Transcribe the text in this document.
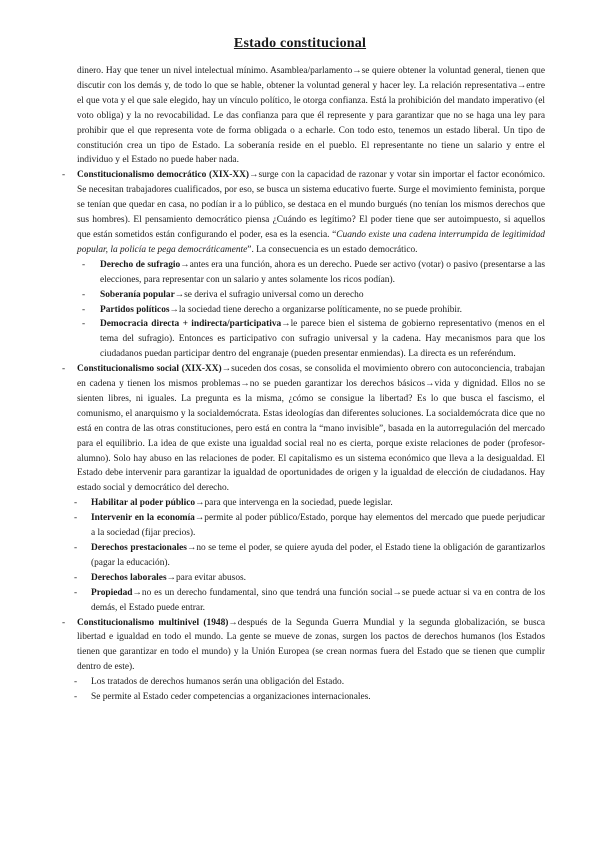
Estado constitucional

dinero. Hay que tener un nivel intelectual mínimo. Asamblea/parlamento→se quiere obtener la voluntad general, tienen que discutir con los demás y, de todo lo que se hable, obtener la voluntad general y hacer ley. La relación representativa→entre el que vota y el que sale elegido, hay un vínculo político, le otorga confianza. Está la prohibición del mandato imperativo (el voto obliga) y la no revocabilidad. Le das confianza para que él represente y para garantizar que no se haga una ley para prohibir que el que representa vote de forma obligada o a echarle. Con todo esto, tenemos un estado liberal. Un tipo de constitución crea un tipo de Estado. La soberanía reside en el pueblo. El representante no tiene un salario y entre el individuo y el Estado no puede haber nada.

- Constitucionalismo democrático (XIX-XX)→surge con la capacidad de razonar y votar sin importar el factor económico. Se necesitan trabajadores cualificados, por eso, se busca un sistema educativo fuerte. Surge el movimiento feminista, porque se tenían que quedar en casa, no podían ir a lo público, se destaca en el mundo burgués (no tenían los mismos derechos que sus hombres). El pensamiento democrático piensa ¿Cuándo es legítimo? El poder tiene que ser autoimpuesto, si aquellos que están sometidos están configurando el poder, esa es la esencia. “Cuando existe una cadena interrumpida de legitimidad popular, la policía te pega democráticamente”. La consecuencia es un estado democrático.

- Derecho de sufragio→antes era una función, ahora es un derecho. Puede ser activo (votar) o pasivo (presentarse a las elecciones, para representar con un salario y antes solamente los ricos podían).

- Soberanía popular→se deriva el sufragio universal como un derecho

- Partidos políticos→la sociedad tiene derecho a organizarse políticamente, no se puede prohibir.

- Democracia directa + indirecta/participativa→le parece bien el sistema de gobierno representativo (menos en el tema del sufragio). Entonces es participativo con sufragio universal y la cadena. Hay mecanismos para que los ciudadanos puedan participar dentro del engranaje (pueden presentar enmiendas). La directa es un referéndum.

- Constitucionalismo social (XIX-XX)→suceden dos cosas, se consolida el movimiento obrero con autoconciencia, trabajan en cadena y tienen los mismos problemas→no se pueden garantizar los derechos básicos→vida y dignidad. Ellos no se sienten libres, ni iguales. La pregunta es la misma, ¿cómo se consigue la libertad? Es lo que busca el fascismo, el comunismo, el anarquismo y la socialdemócrata. Estas ideologías dan diferentes soluciones. La socialdemócrata dice que no está en contra de las otras constituciones, pero está en contra la “mano invisible”, basada en la autorregulación del mercado para el equilibrio. La idea de que existe una igualdad social real no es cierta, porque existe relaciones de poder (profesor-alumno). Solo hay abuso en las relaciones de poder. El capitalismo es un sistema económico que lleva a la desigualdad. El Estado debe intervenir para garantizar la igualdad de oportunidades de origen y la igualdad de elección de ciudadanos. Hay estado social y democrático del derecho.

- Habilitar al poder público→para que intervenga en la sociedad, puede legislar.

- Intervenir en la economía→permite al poder público/Estado, porque hay elementos del mercado que puede perjudicar a la sociedad (fijar precios).

- Derechos prestacionales→no se teme el poder, se quiere ayuda del poder, el Estado tiene la obligación de garantizarlos (pagar la educación).

- Derechos laborales→para evitar abusos.

- Propiedad→no es un derecho fundamental, sino que tendrá una función social→se puede actuar si va en contra de los demás, el Estado puede entrar.

- Constitucionalismo multinivel (1948)→después de la Segunda Guerra Mundial y la segunda globalización, se busca libertad e igualdad en todo el mundo. La gente se mueve de zonas, surgen los pactos de derechos humanos (los Estados tienen que garantizar en todo el mundo) y la Unión Europea (se crean normas fuera del Estado que se tienen que cumplir dentro de este).

- Los tratados de derechos humanos serán una obligación del Estado.

- Se permite al Estado ceder competencias a organizaciones internacionales.
